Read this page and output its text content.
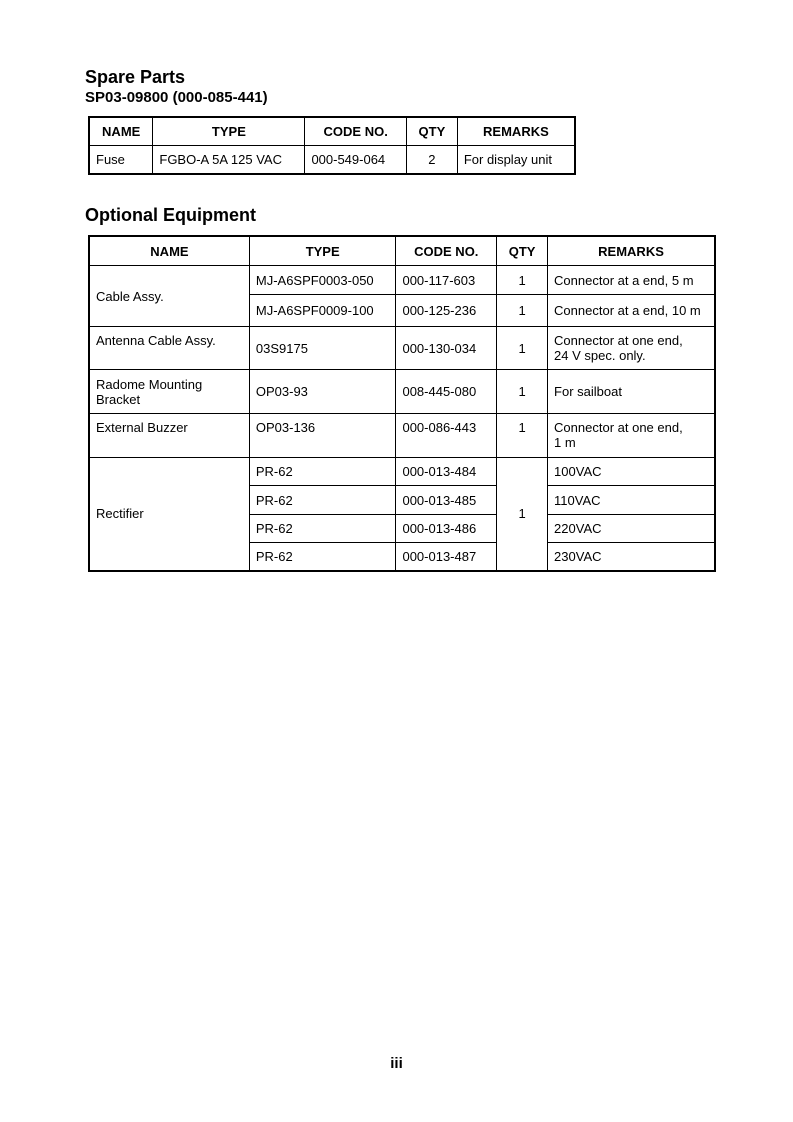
Spare Parts
SP03-09800 (000-085-441)
NAME	TYPE	CODE NO.	QTY	REMARKS
Fuse	FGBO-A 5A 125 VAC	000-549-064	2	For display unit
Optional Equipment
NAME	TYPE	CODE NO.	QTY	REMARKS
Cable Assy.	MJ-A6SPF0003-050	000-117-603	1	Connector at a end, 5 m
	MJ-A6SPF0009-100	000-125-236	1	Connector at a end, 10 m
Antenna Cable Assy.	03S9175	000-130-034	1	Connector at one end,
24 V spec. only.

Radome Mounting
Bracket	OP03-93	008-445-080	1	For sailboat
External Buzzer	OP03-136	000-086-443	1	Connector at one end,
1 m

Rectifier	PR-62	000-013-484	1	100VAC
	PR-62	000-013-485		110VAC
	PR-62	000-013-486		220VAC
	PR-62	000-013-487		230VAC
iii
